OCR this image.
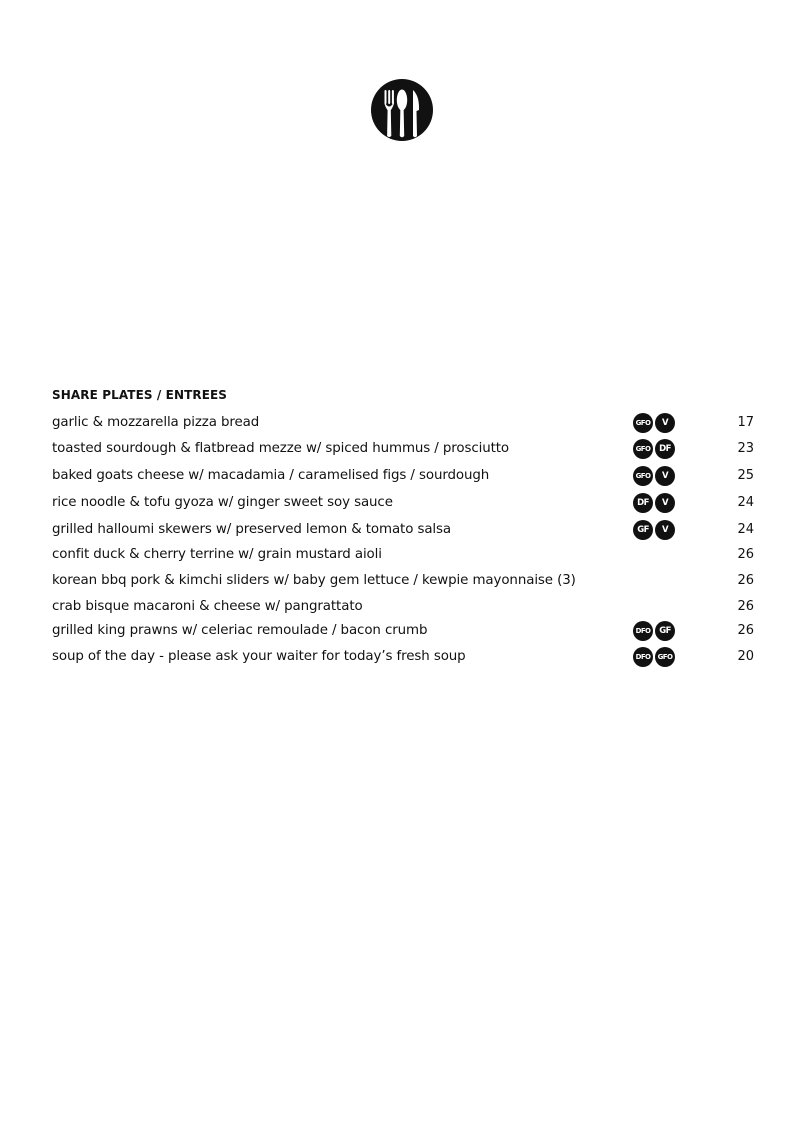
SHARE PLATES / ENTREES
garlic & mozzarella pizza bread	GFO	V	17
toasted sourdough & flatbread mezze w/ spiced hummus / prosciutto	GFO	DF	23
baked goats cheese w/ macadamia / caramelised figs / sourdough	GFO	V	25
rice noodle & tofu gyoza w/ ginger sweet soy sauce	DF	V	24
grilled halloumi skewers w/ preserved lemon & tomato salsa	GF	V	24
confit duck & cherry terrine w/ grain mustard aioli	26
korean bbq pork & kimchi sliders w/ baby gem lettuce / kewpie mayonnaise (3)	26
crab bisque macaroni & cheese w/ pangrattato	26
grilled king prawns w/ celeriac remoulade / bacon crumb	DFO	GF	26
soup of the day - please ask your waiter for today’s fresh soup	DFO	GFO	20
